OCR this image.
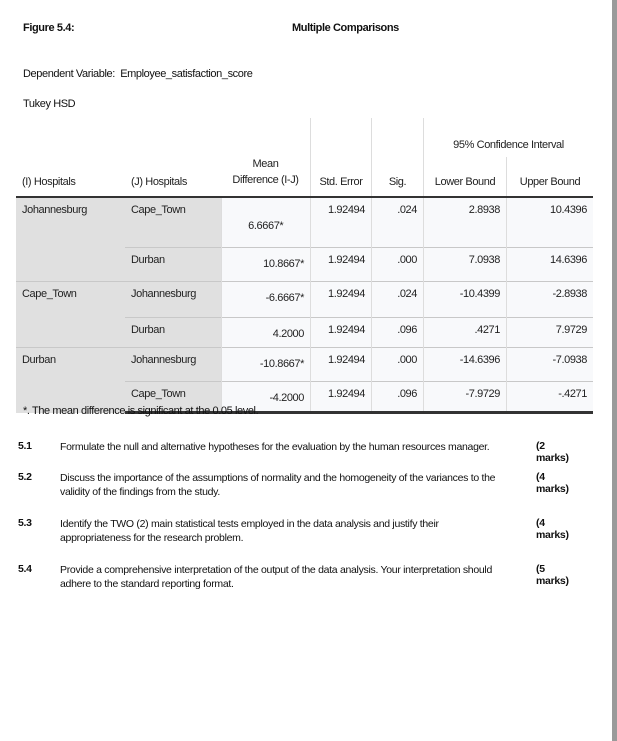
Figure 5.4:	Multiple Comparisons
Dependent Variable: Employee_satisfaction_score
Tukey HSD
					95% Confidence Interval	
(I) Hospitals	(J) Hospitals	Mean
Difference (I-J)	Std. Error	Sig.	Lower Bound	Upper Bound
Johannesburg	Cape_Town	6.6667*	1.92494	.024	2.8938	10.4396
	Durban	10.8667*	1.92494	.000	7.0938	14.6396
Cape_Town	Johannesburg	-6.6667*	1.92494	.024	-10.4399	-2.8938
	Durban	4.2000	1.92494	.096	.4271	7.9729
Durban	Johannesburg	-10.8667*	1.92494	.000	-14.6396	-7.0938
	Cape_Town	-4.2000	1.92494	.096	-7.9729	-.4271
*. The mean difference is significant at the 0.05 level.
5.1	Formulate the null and alternative hypotheses for the evaluation by the human resources manager.	(2 marks)
5.2	Discuss the importance of the assumptions of normality and the homogeneity of the variances to the validity of the findings from the study.
(4 marks)
5.3	Identify the TWO (2) main statistical tests employed in the data analysis and justify their appropriateness for the research problem.
(4 marks)
5.4	Provide a comprehensive interpretation of the output of the data analysis. Your interpretation should adhere to the standard reporting format.
(5 marks)
